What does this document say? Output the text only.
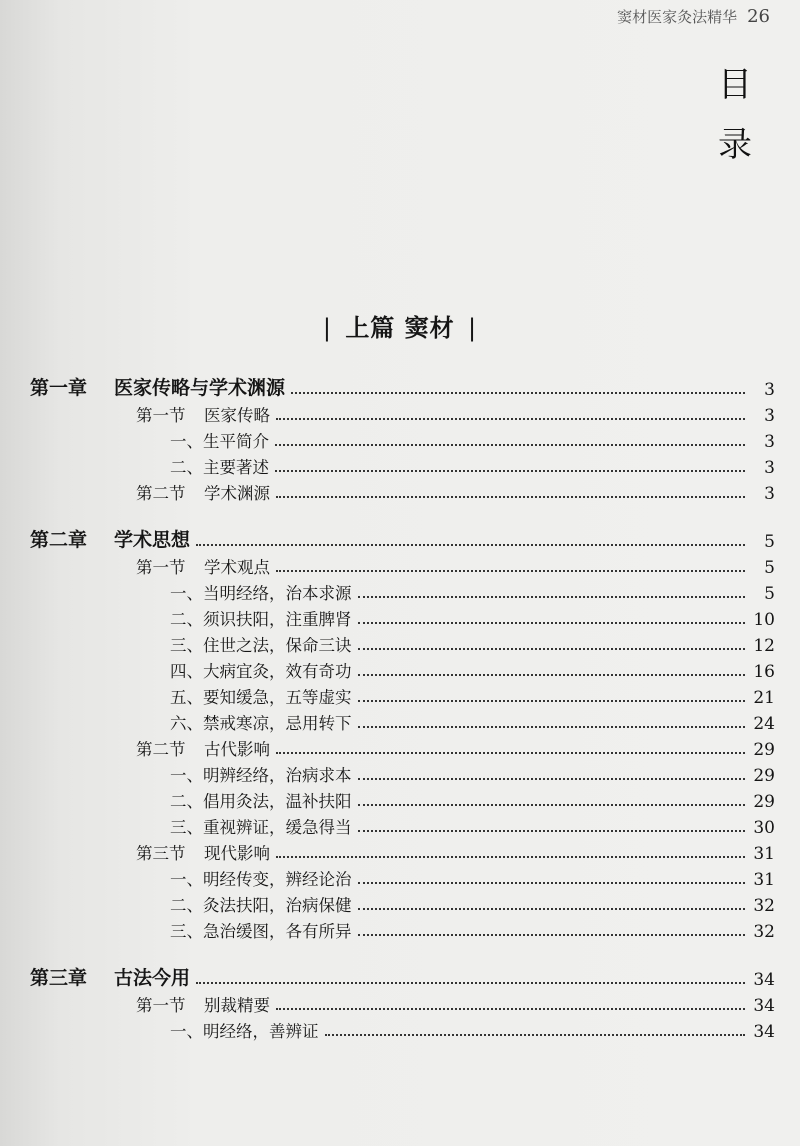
窦材医家灸法精华 26
目
录
| 上篇 窦材 |
第一章	医家传略与学术渊源	3
第一节	医家传略	3
一、生平简介	3
二、主要著述	3
第二节	学术渊源	3
第二章	学术思想	5
第一节	学术观点	5
一、当明经络，治本求源	5
二、须识扶阳，注重脾肾	10
三、住世之法，保命三诀	12
四、大病宜灸，效有奇功	16
五、要知缓急，五等虚实	21
六、禁戒寒凉，忌用转下	24
第二节	古代影响	29
一、明辨经络，治病求本	29
二、倡用灸法，温补扶阳	29
三、重视辨证，缓急得当	30
第三节	现代影响	31
一、明经传变，辨经论治	31
二、灸法扶阳，治病保健	32
三、急治缓图，各有所异	32
第三章	古法今用	34
第一节	别裁精要	34
一、明经络，善辨证	34
